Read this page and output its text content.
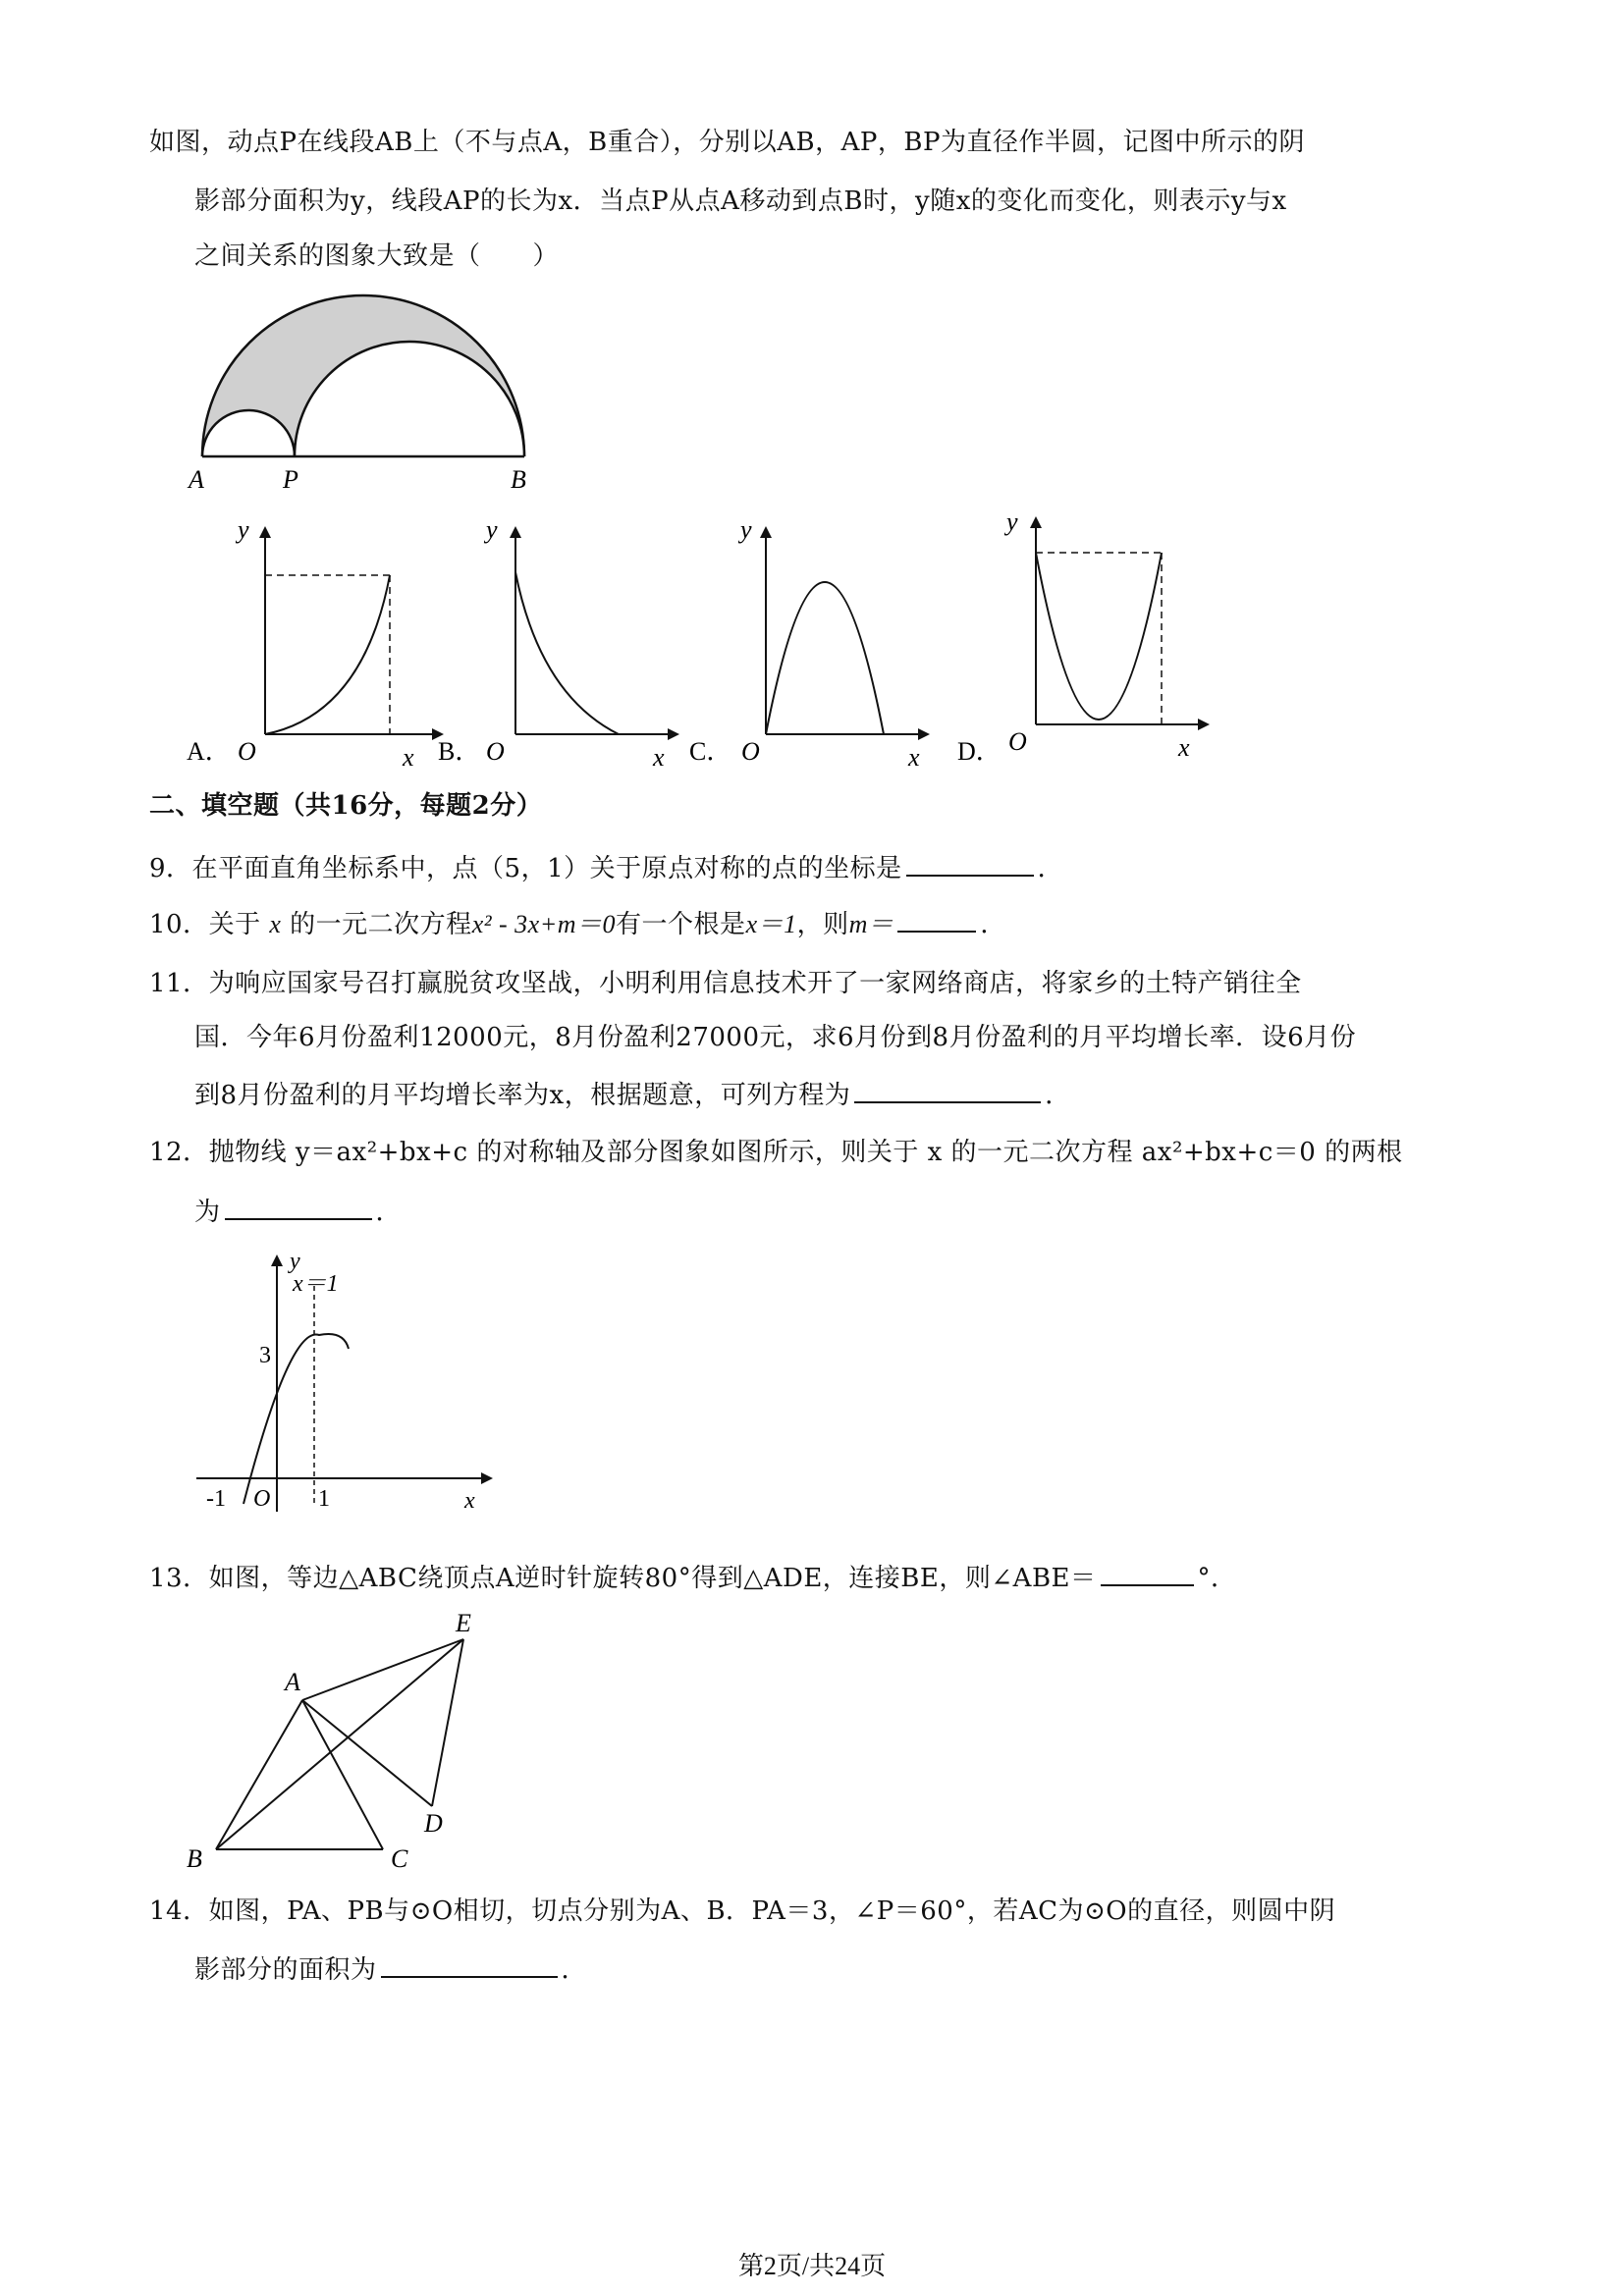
如图，动点P在线段AB上（不与点A，B重合），分别以AB，AP，BP为直径作半圆，记图中所示的阴
影部分面积为y，线段AP的长为x．当点P从点A移动到点B时，y随x的变化而变化，则表示y与x
之间关系的图象大致是（　　）
A	P	B
A．
y
O	x B．
y
O	x C．
y
O	x D．
y
O	x
二、填空题（共16分，每题2分）
9．在平面直角坐标系中，点（5，1）关于原点对称的点的坐标是	．
10．关于 x 的一元二次方程x² - 3x+m＝0有一个根是x＝1，则m＝	．
11．为响应国家号召打赢脱贫攻坚战，小明利用信息技术开了一家网络商店，将家乡的土特产销往全
国．今年6月份盈利12000元，8月份盈利27000元，求6月份到8月份盈利的月平均增长率．设6月份
到8月份盈利的月平均增长率为x，根据题意，可列方程为	．
12．抛物线 y＝ax²+bx+c 的对称轴及部分图象如图所示，则关于 x 的一元二次方程 ax²+bx+c＝0 的两根
为	．
y
x＝1
3
-1 O 1	x
13．如图，等边△ABC绕顶点A逆时针旋转80°得到△ADE，连接BE，则∠ABE＝	°．
A
B	C
D
E
14．如图，PA、PB与⊙O相切，切点分别为A、B．PA＝3，∠P＝60°，若AC为⊙O的直径，则圆中阴
影部分的面积为	．
第2页/共24页
